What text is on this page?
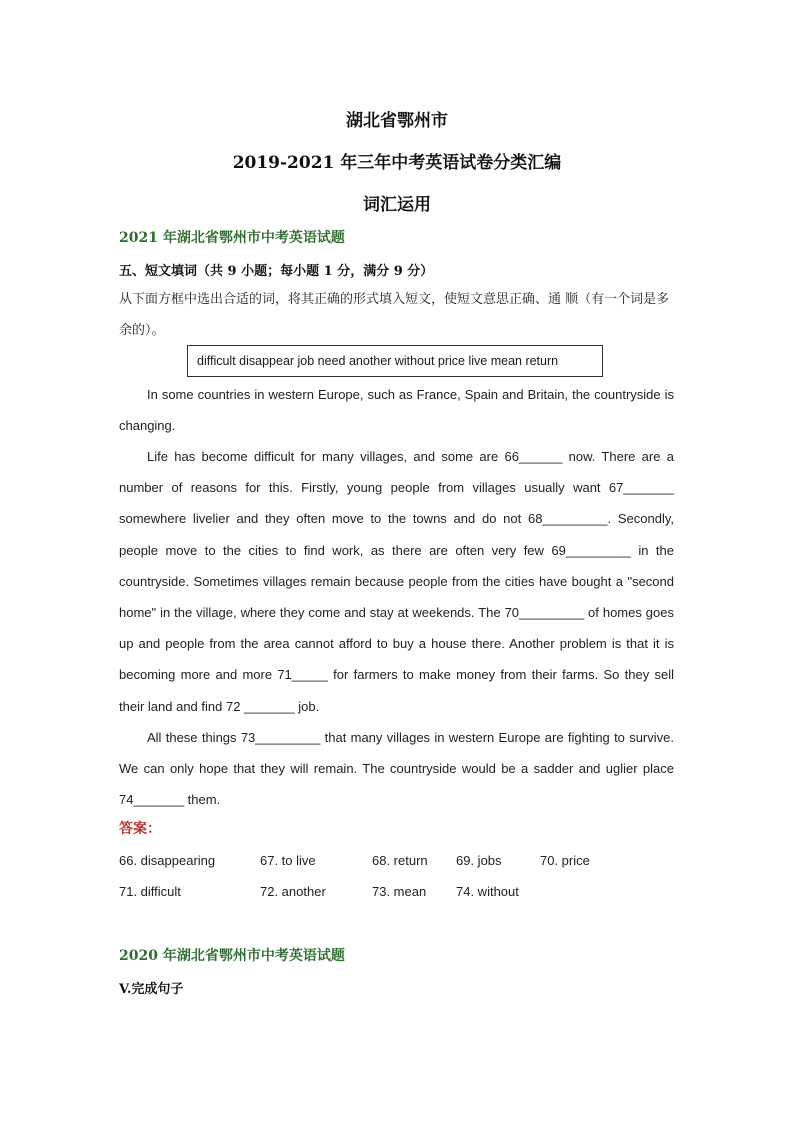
湖北省鄂州市
2019-2021 年三年中考英语试卷分类汇编
词汇运用
2021 年湖北省鄂州市中考英语试题
五、短文填词（共 9 小题；每小题 1 分，满分 9 分）
从下面方框中选出合适的词，将其正确的形式填入短文，使短文意思正确、通 顺（有一个词是多余的）。
difficult disappear job need another without price live mean return
In some countries in western Europe, such as France, Spain and Britain, the countryside is changing.
Life has become difficult for many villages, and some are 66______ now. There are a number of reasons for this. Firstly, young people from villages usually want 67_______ somewhere livelier and they often move to the towns and do not 68_________. Secondly, people move to the cities to find work, as there are often very few 69_________ in the countryside. Sometimes villages remain because people from the cities have bought a "second home" in the village, where they come and stay at weekends. The 70_________ of homes goes up and people from the area cannot afford to buy a house there. Another problem is that it is becoming more and more 71_____ for farmers to make money from their farms. So they sell their land and find 72 _______ job.
All these things 73_________ that many villages in western Europe are fighting to survive. We can only hope that they will remain. The countryside would be a sadder and uglier place 74_______ them.
答案：
66. disappearing	67. to live	68. return 69. jobs	70. price
71. difficult	72. another	73. mean 74. without
2020 年湖北省鄂州市中考英语试题
V.完成句子
